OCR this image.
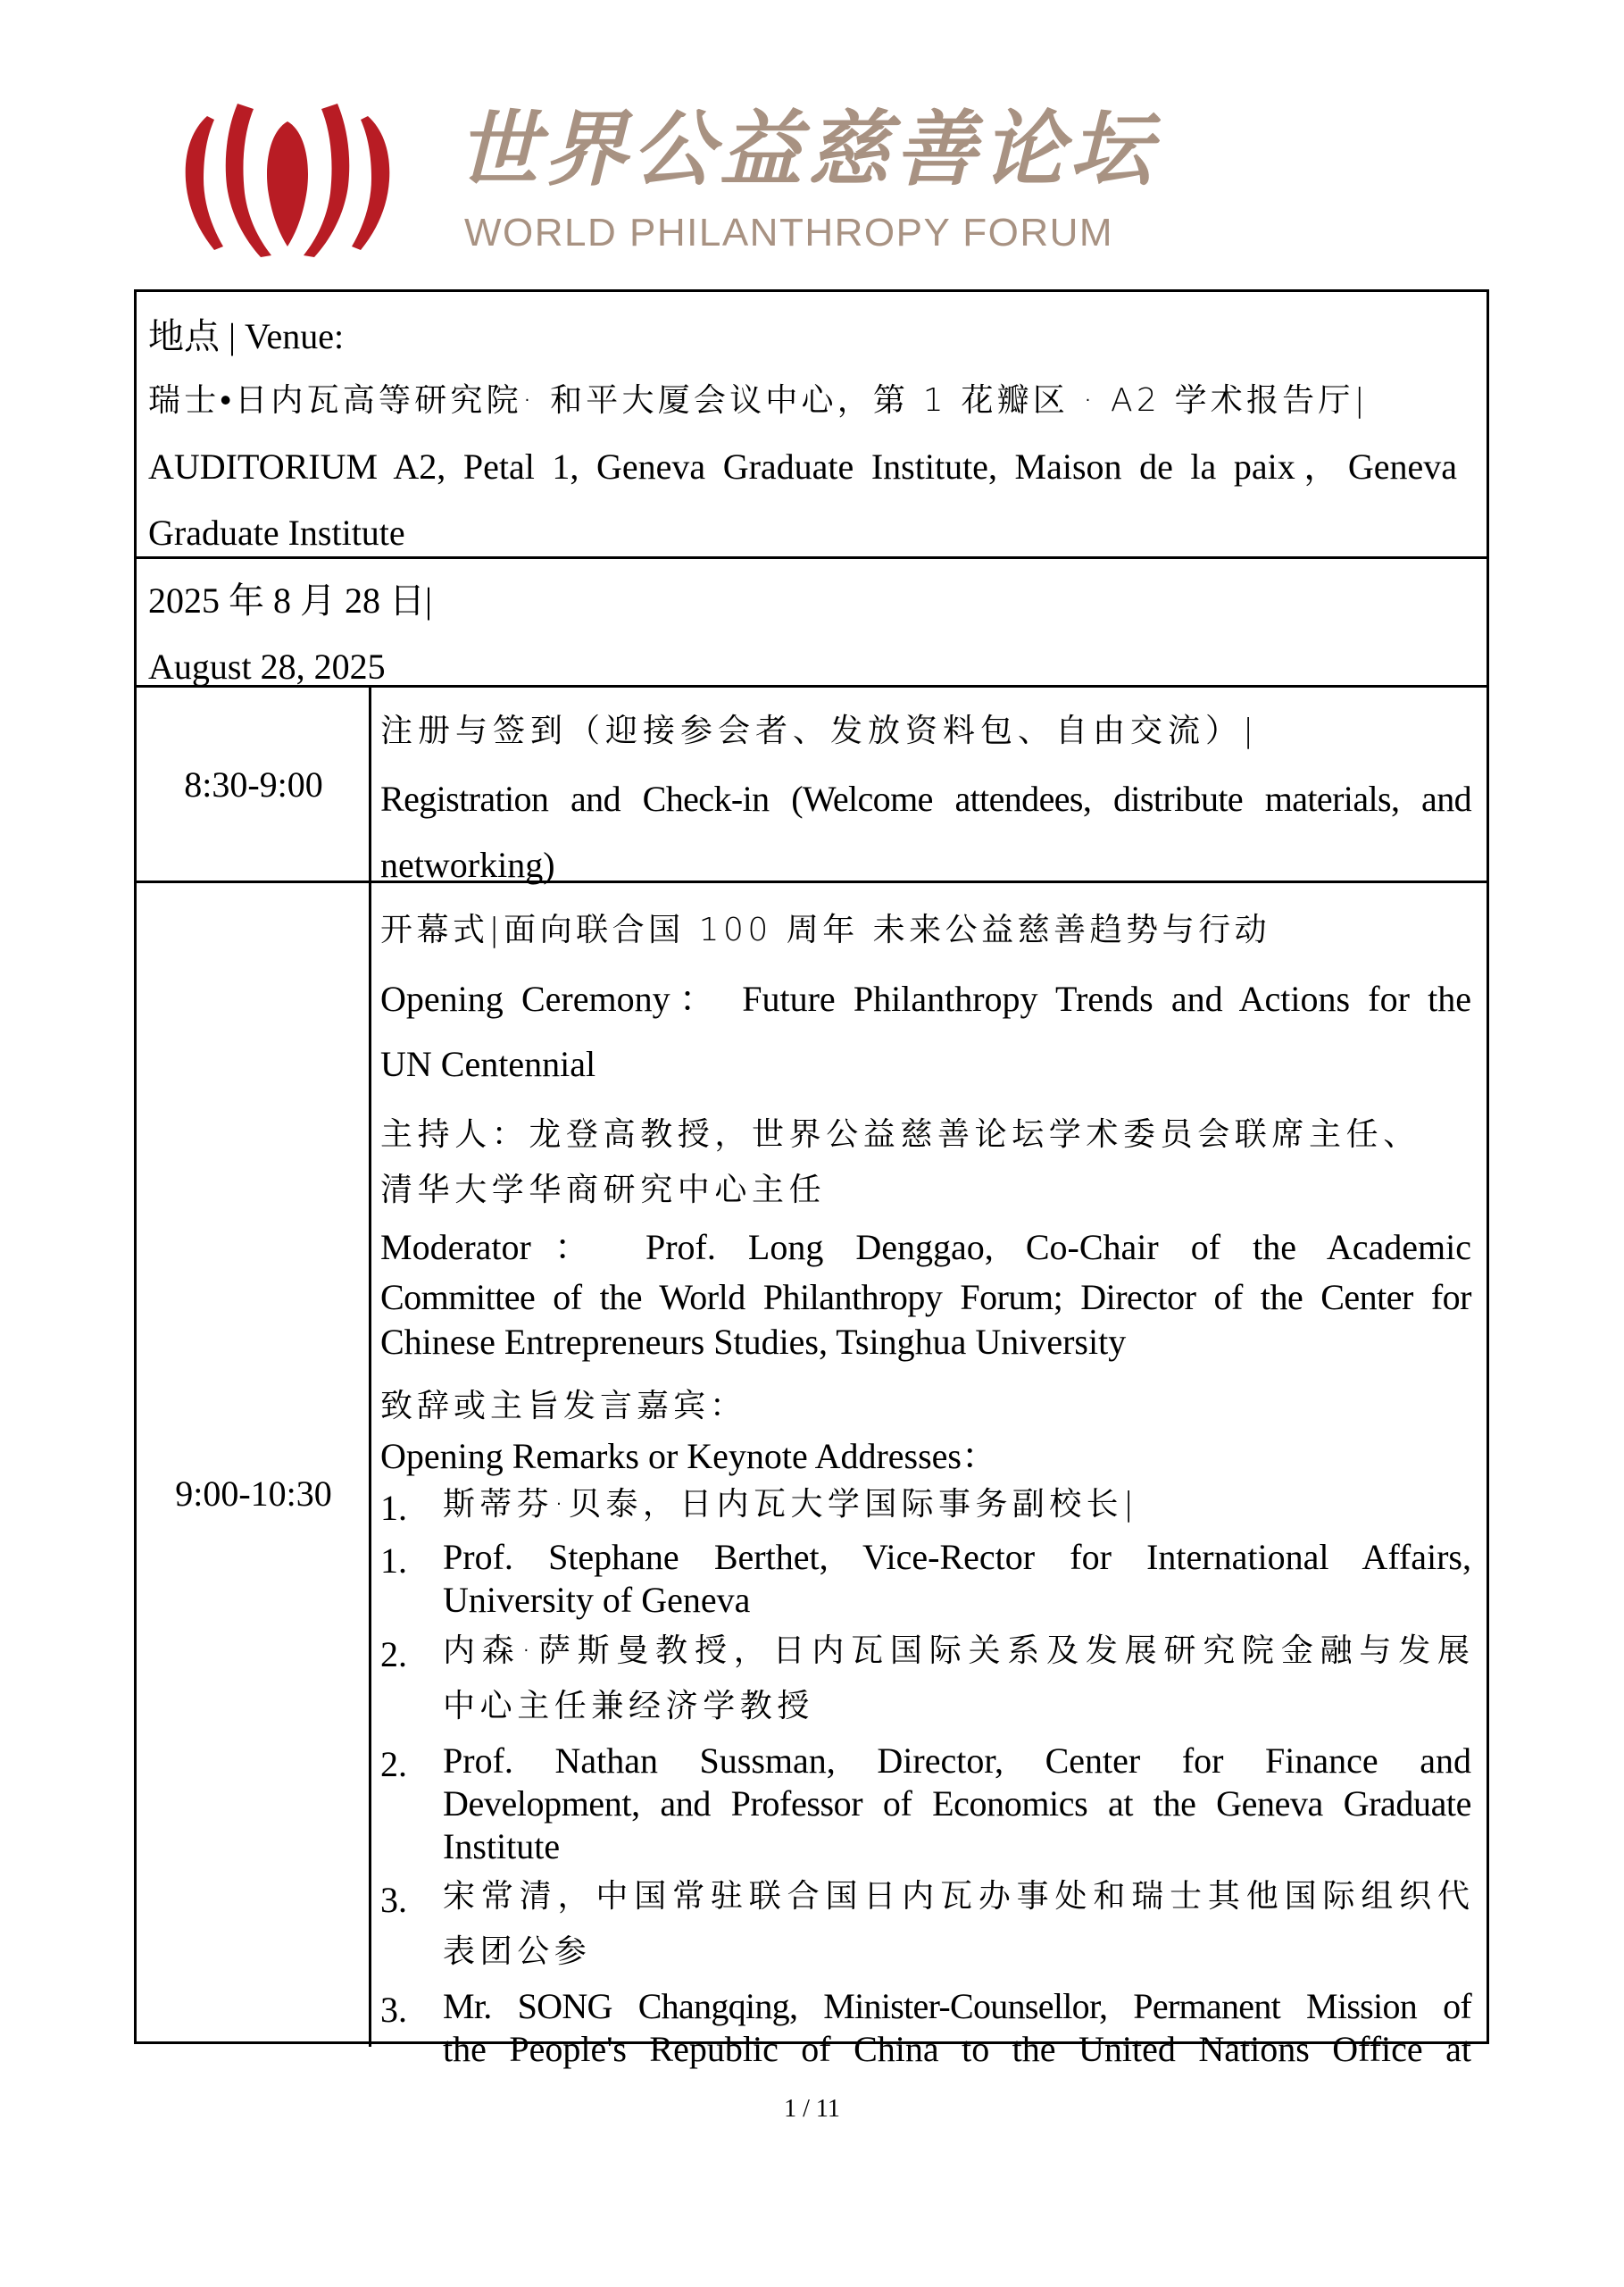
世界公益慈善论坛
WORLD PHILANTHROPY FORUM
地点 | Venue:
瑞士•日内瓦高等研究院· 和平大厦会议中心，第 1 花瓣区 · A2 学术报告厅|
AUDITORIUM A2, Petal 1, Geneva Graduate Institute, Maison de la paix，Geneva
Graduate Institute
2025 年 8 月 28 日|
August 28, 2025
8:30-9:00
注册与签到（迎接参会者、发放资料包、自由交流）|
Registration and Check-in (Welcome attendees, distribute materials, and
networking)
9:00-10:30
开幕式|面向联合国 100 周年 未来公益慈善趋势与行动
Opening Ceremony： Future Philanthropy Trends and Actions for the
UN Centennial
主持人：龙登高教授，世界公益慈善论坛学术委员会联席主任、
清华大学华商研究中心主任
Moderator： Prof. Long Denggao, Co-Chair of the Academic
Committee of the World Philanthropy Forum; Director of the Center for
Chinese Entrepreneurs Studies, Tsinghua University
致辞或主旨发言嘉宾：
Opening Remarks or Keynote Addresses：
1. 斯蒂芬·贝泰，日内瓦大学国际事务副校长|
1. Prof. Stephane Berthet, Vice-Rector for International Affairs,
University of Geneva
2. 内森·萨斯曼教授，日内瓦国际关系及发展研究院金融与发展
中心主任兼经济学教授
2. Prof. Nathan Sussman, Director, Center for Finance and
Development, and Professor of Economics at the Geneva Graduate
Institute
3. 宋常清，中国常驻联合国日内瓦办事处和瑞士其他国际组织代
表团公参
3. Mr. SONG Changqing, Minister-Counsellor, Permanent Mission of
the People's Republic of China to the United Nations Office at
1 / 11
